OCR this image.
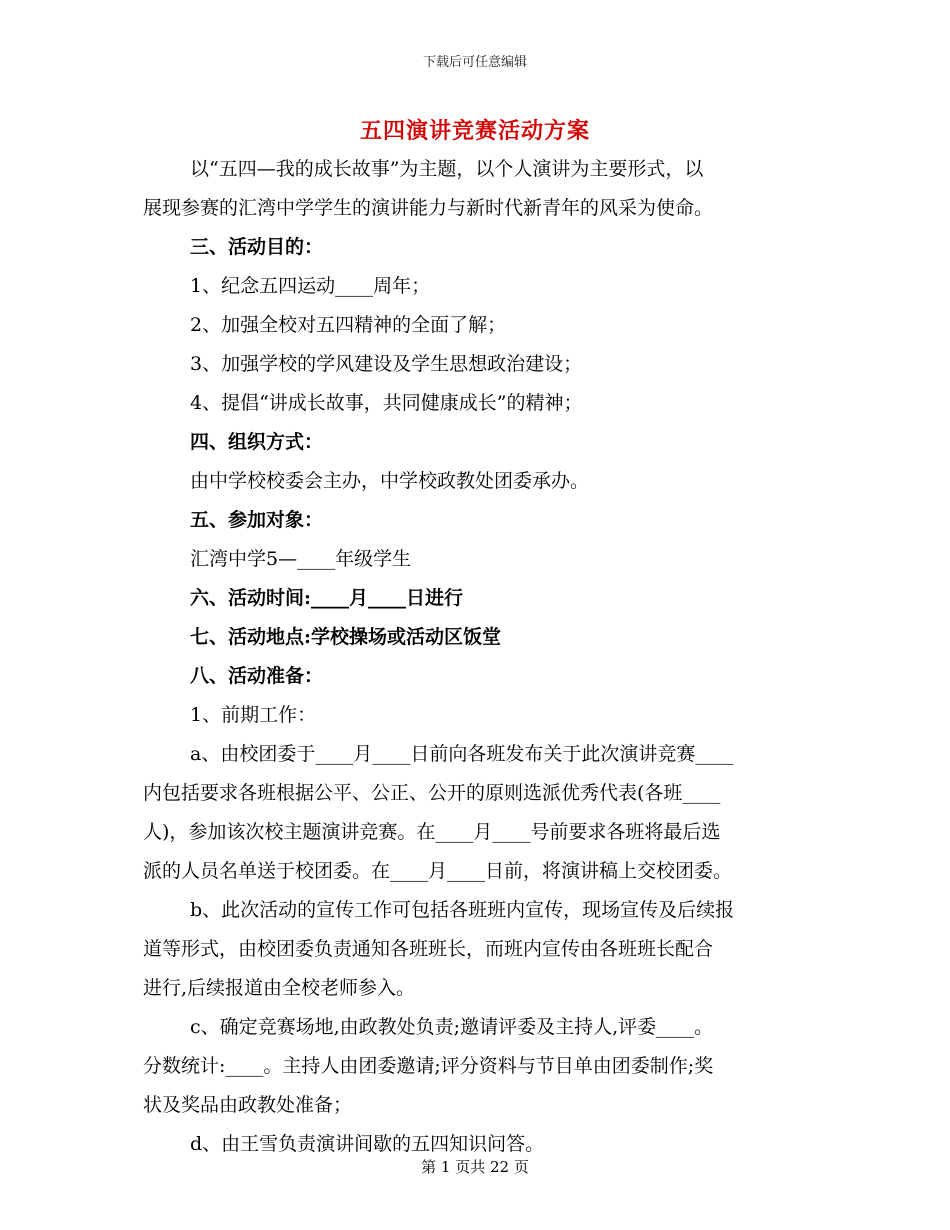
下载后可任意编辑
五四演讲竞赛活动方案
以“五四—我的成长故事”为主题，以个人演讲为主要形式，以
展现参赛的汇湾中学学生的演讲能力与新时代新青年的风采为使命。
三、活动目的：
1、纪念五四运动____周年；
2、加强全校对五四精神的全面了解；
3、加强学校的学风建设及学生思想政治建设；
4、提倡“讲成长故事，共同健康成长”的精神；
四、组织方式：
由中学校校委会主办，中学校政教处团委承办。
五、参加对象：
汇湾中学5—____年级学生
六、活动时间:____月____日进行
七、活动地点:学校操场或活动区饭堂
八、活动准备：
1、前期工作：
a、由校团委于____月____日前向各班发布关于此次演讲竞赛____
内包括要求各班根据公平、公正、公开的原则选派优秀代表(各班____
人)，参加该次校主题演讲竞赛。在____月____号前要求各班将最后选
派的人员名单送于校团委。在____月____日前，将演讲稿上交校团委。
b、此次活动的宣传工作可包括各班班内宣传，现场宣传及后续报
道等形式，由校团委负责通知各班班长，而班内宣传由各班班长配合
进行,后续报道由全校老师参入。
c、确定竞赛场地,由政教处负责;邀请评委及主持人,评委____。
分数统计:____。主持人由团委邀请;评分资料与节目单由团委制作;奖
状及奖品由政教处准备；
d、由王雪负责演讲间歇的五四知识问答。
第 1 页共 22 页
